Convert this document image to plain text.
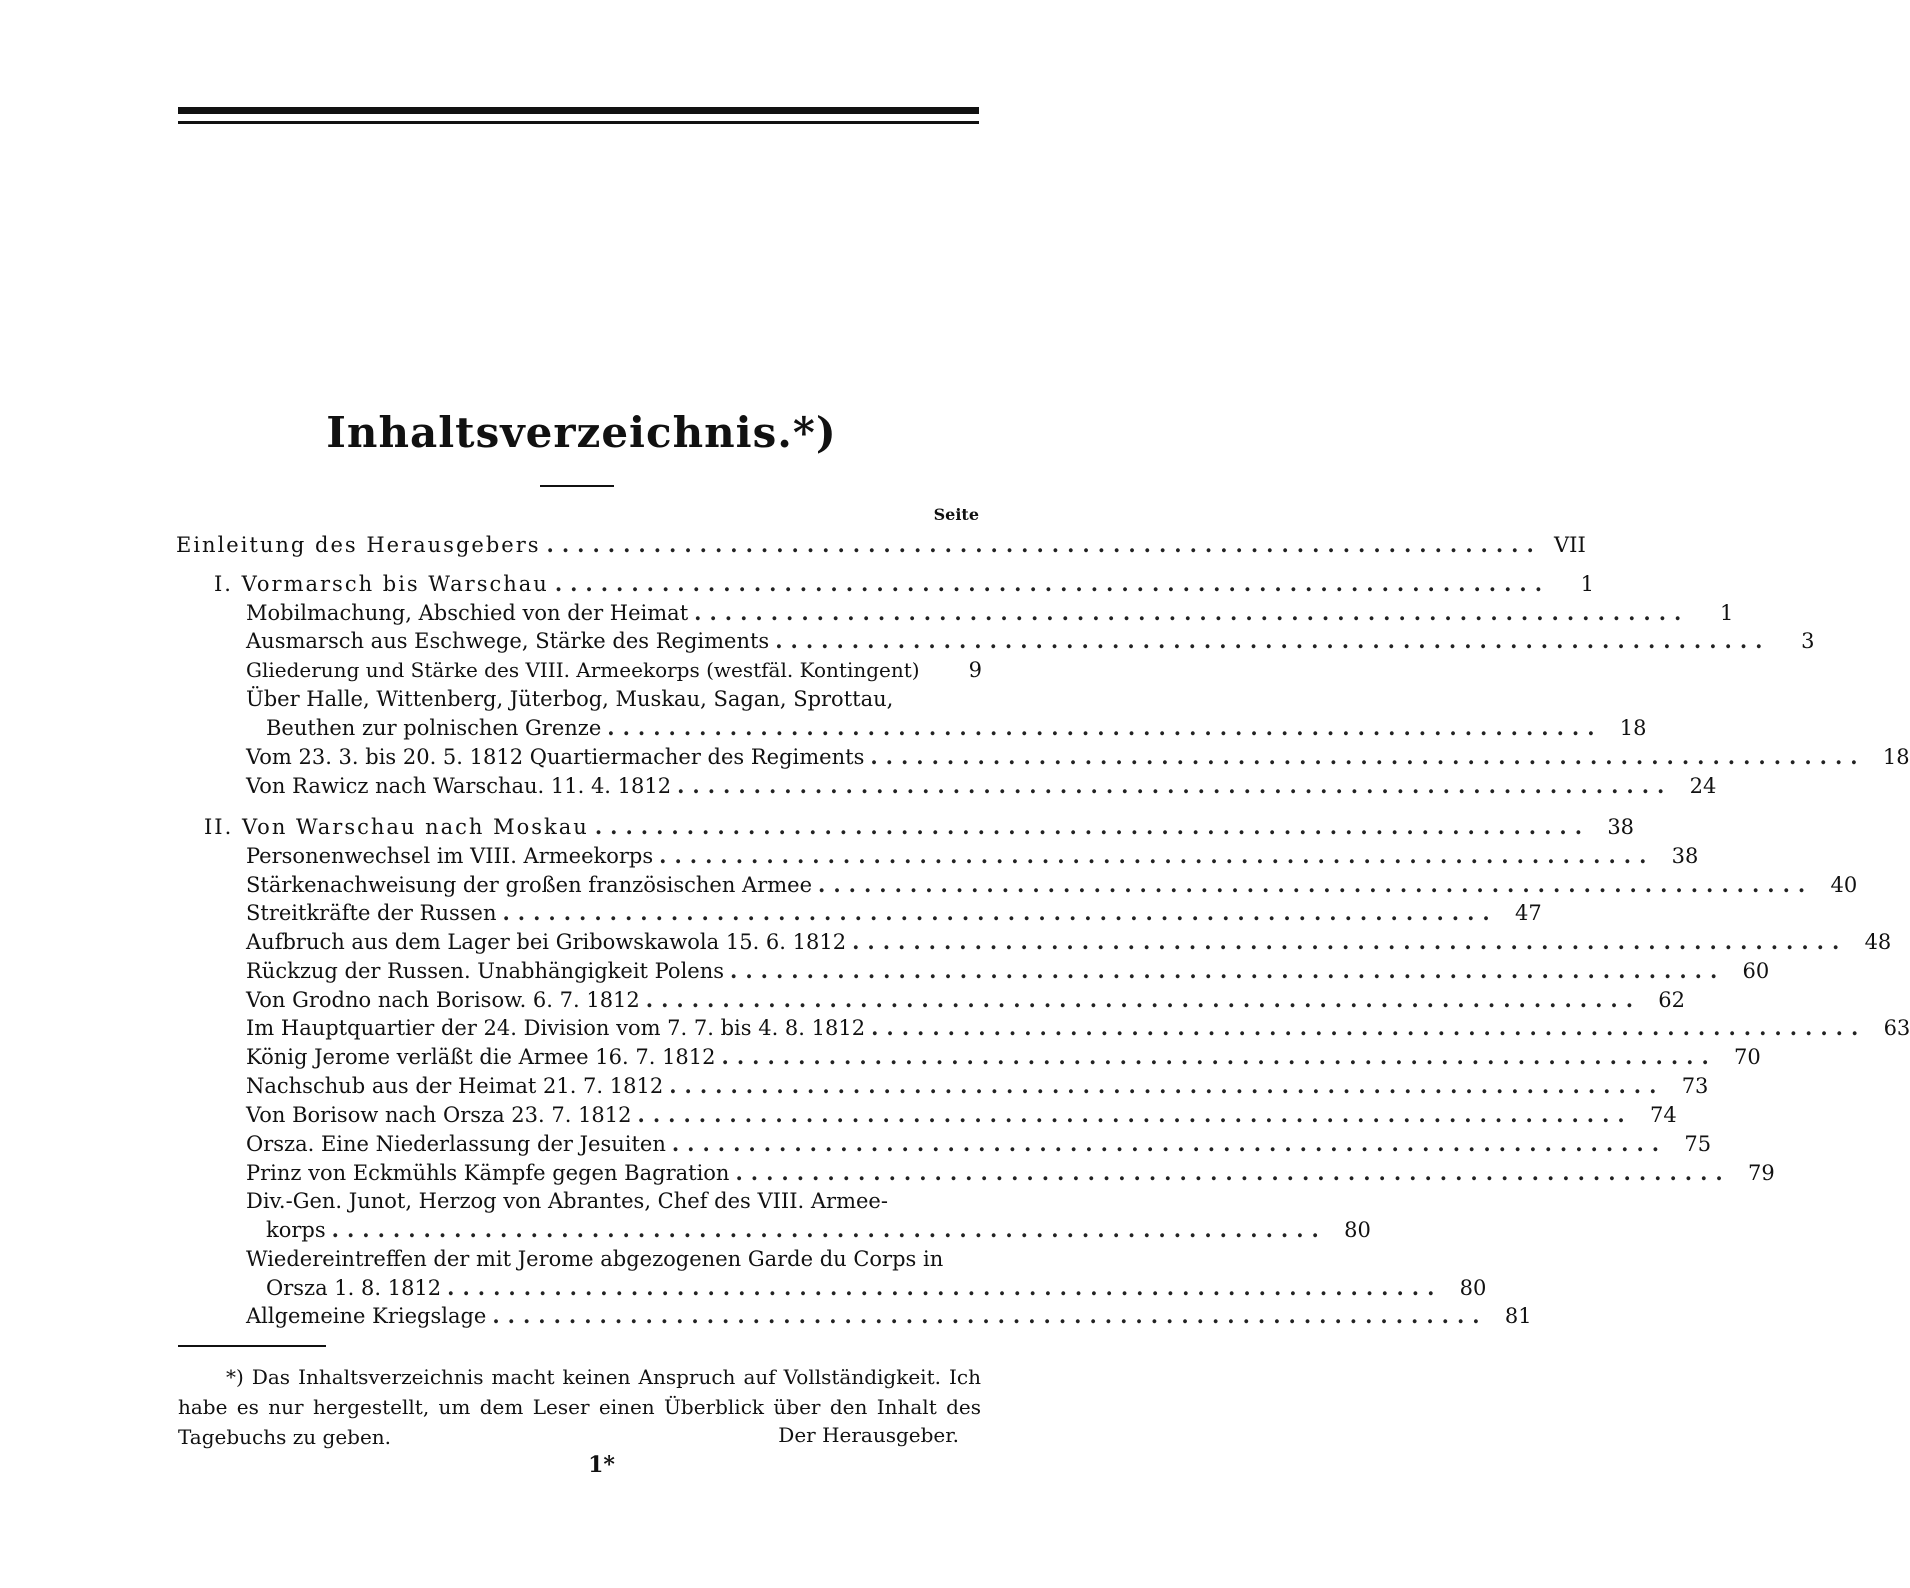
Inhaltsverzeichnis.*)
Seite
Einleitung des Herausgebers ................................................................. VII
I. Vormarsch bis Warschau .................................................................	1
Mobilmachung, Abschied von der Heimat .................................................................	1
Ausmarsch aus Eschwege, Stärke des Regiments .................................................................	3
Gliederung und Stärke des VIII. Armeekorps (westfäl. Kontingent)	9
Über Halle, Wittenberg, Jüterbog, Muskau, Sagan, Sprottau,
Beuthen zur polnischen Grenze ................................................................. 18
Vom 23. 3. bis 20. 5. 1812 Quartiermacher des Regiments ................................................................. 18
Von Rawicz nach Warschau. 11. 4. 1812 ................................................................. 24
II. Von Warschau nach Moskau ................................................................. 38
Personenwechsel im VIII. Armeekorps ................................................................. 38
Stärkenachweisung der großen französischen Armee ................................................................. 40
Streitkräfte der Russen ................................................................. 47
Aufbruch aus dem Lager bei Gribowskawola 15. 6. 1812 ................................................................. 48
Rückzug der Russen. Unabhängigkeit Polens ................................................................. 60
Von Grodno nach Borisow. 6. 7. 1812 ................................................................. 62
Im Hauptquartier der 24. Division vom 7. 7. bis 4. 8. 1812 ................................................................. 63
König Jerome verläßt die Armee 16. 7. 1812 ................................................................. 70
Nachschub aus der Heimat 21. 7. 1812 ................................................................. 73
Von Borisow nach Orsza 23. 7. 1812 ................................................................. 74
Orsza. Eine Niederlassung der Jesuiten ................................................................. 75
Prinz von Eckmühls Kämpfe gegen Bagration ................................................................. 79
Div.-Gen. Junot, Herzog von Abrantes, Chef des VIII. Armee-
korps ................................................................. 80
Wiedereintreffen der mit Jerome abgezogenen Garde du Corps in
Orsza 1. 8. 1812 ................................................................. 80
Allgemeine Kriegslage ................................................................. 81
*) Das Inhaltsverzeichnis macht keinen Anspruch auf Vollständigkeit. Ich habe es nur hergestellt, um dem Leser einen Überblick über den Inhalt des Tagebuchs zu geben.	Der Herausgeber.
1*
